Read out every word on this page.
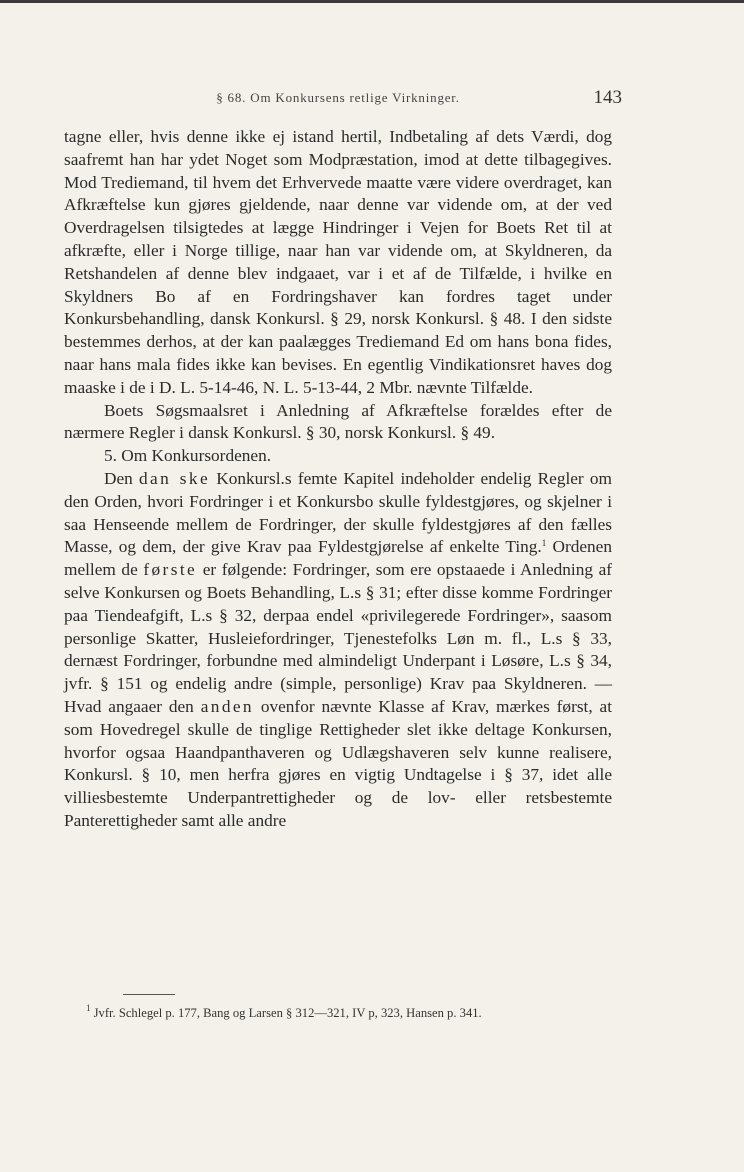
§ 68. Om Konkursens retlige Virkninger.	143

tagne eller, hvis denne ikke ej istand hertil, Indbetaling af dets Værdi, dog saafremt han har ydet Noget som Modpræstation, imod at dette tilbagegives. Mod Trediemand, til hvem det Erhvervede maatte være videre overdraget, kan Afkræftelse kun gjøres gjeldende, naar denne var vidende om, at der ved Overdragelsen tilsigtedes at lægge Hindringer i Vejen for Boets Ret til at afkræfte, eller i Norge tillige, naar han var vidende om, at Skyldneren, da Retshandelen af denne blev indgaaet, var i et af de Tilfælde, i hvilke en Skyldners Bo af en Fordringshaver kan fordres taget under Konkursbehandling, dansk Konkursl. § 29, norsk Konkursl. § 48. I den sidste bestemmes derhos, at der kan paalægges Trediemand Ed om hans bona fides, naar hans mala fides ikke kan bevises. En egentlig Vindikationsret haves dog maaske i de i D. L. 5-14-46, N. L. 5-13-44, 2 Mbr. nævnte Tilfælde.

Boets Søgsmaalsret i Anledning af Afkræftelse forældes efter de nærmere Regler i dansk Konkursl. § 30, norsk Konkursl. § 49.

5. Om Konkursordenen.

Den dan ske Konkursl.s femte Kapitel indeholder endelig Regler om den Orden, hvori Fordringer i et Konkursbo skulle fyldestgjøres, og skjelner i saa Henseende mellem de Fordringer, der skulle fyldestgjøres af den fælles Masse, og dem, der give Krav paa Fyldestgjørelse af enkelte Ting.$^1$ Ordenen mellem de første er følgende: Fordringer, som ere opstaaede i Anledning af selve Konkursen og Boets Behandling, L.s § 31; efter disse komme Fordringer paa Tiendeafgift, L.s § 32, derpaa endel «privilegerede Fordringer», saasom personlige Skatter, Husleiefordringer, Tjenestefolks Løn m. fl., L.s § 33, dernæst Fordringer, forbundne med almindeligt Underpant i Løsøre, L.s § 34, jvfr. § 151 og endelig andre (simple, personlige) Krav paa Skyldneren. — Hvad angaaer den anden ovenfor nævnte Klasse af Krav, mærkes først, at som Hovedregel skulle de tinglige Rettigheder slet ikke deltage Konkursen, hvorfor ogsaa Haandpanthaveren og Udlægshaveren selv kunne realisere, Konkursl. § 10, men herfra gjøres en vigtig Undtagelse i § 37, idet alle villiesbestemte Underpantrettigheder og de lov- eller retsbestemte Panterettigheder samt alle andre

$^1$ Jvfr. Schlegel p. 177, Bang og Larsen § 312—321, IV p, 323, Hansen p. 341.
